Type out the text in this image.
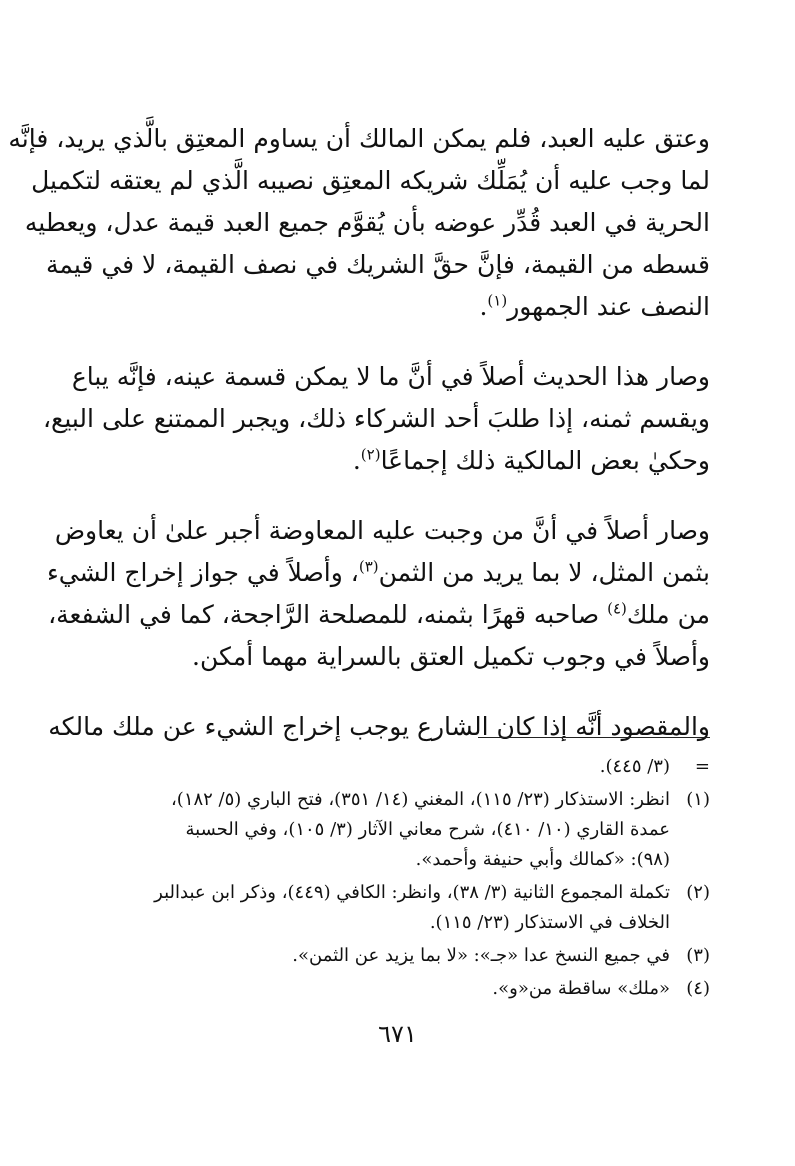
وعتق عليه العبد، فلم يمكن المالك أن يساوم المعتِق بالَّذي يريد، فإنَّه
لما وجب عليه أن يُمَلِّك شريكه المعتِق نصيبه الَّذي لم يعتقه لتكميل
الحرية في العبد قُدِّر عوضه بأن يُقوَّم جميع العبد قيمة عدل، ويعطيه
قسطه من القيمة، فإنَّ حقَّ الشريك في نصف القيمة، لا في قيمة
النصف عند الجمهور$^{(١)}$.

وصار هذا الحديث أصلاً في أنَّ ما لا يمكن قسمة عينه، فإنَّه يباع
ويقسم ثمنه، إذا طلبَ أحد الشركاء ذلك، ويجبر الممتنع على البيع،
وحكيٰ بعض المالكية ذلك إجماعًا$^{(٢)}$.

وصار أصلاً في أنَّ من وجبت عليه المعاوضة أجبر علىٰ أن يعاوض
بثمن المثل، لا بما يريد من الثمن$^{(٣)}$، وأصلاً في جواز إخراج الشيء
من ملك$^{(٤)}$ صاحبه قهرًا بثمنه، للمصلحة الرَّاجحة، كما في الشفعة،
وأصلاً في وجوب تكميل العتق بالسراية مهما أمكن.

والمقصود أنَّه إذا كان الشارع يوجب إخراج الشيء عن ملك مالكه

=
(٣/ ٤٤٥).
(١)
انظر: الاستذكار (٢٣/ ١١٥)، المغني (١٤/ ٣٥١)، فتح الباري (٥/ ١٨٢)،
عمدة القاري (١٠/ ٤١٠)، شرح معاني الآثار (٣/ ١٠٥)، وفي الحسبة
(٩٨): «كمالك وأبي حنيفة وأحمد».
(٢)
تكملة المجموع الثانية (٣/ ٣٨)، وانظر: الكافي (٤٤٩)، وذكر ابن عبدالبر
الخلاف في الاستذكار (٢٣/ ١١٥).
(٣)
في جميع النسخ عدا «جـ»: «لا بما يزيد عن الثمن».
(٤)
«ملك» ساقطة من«و».
٦٧١
